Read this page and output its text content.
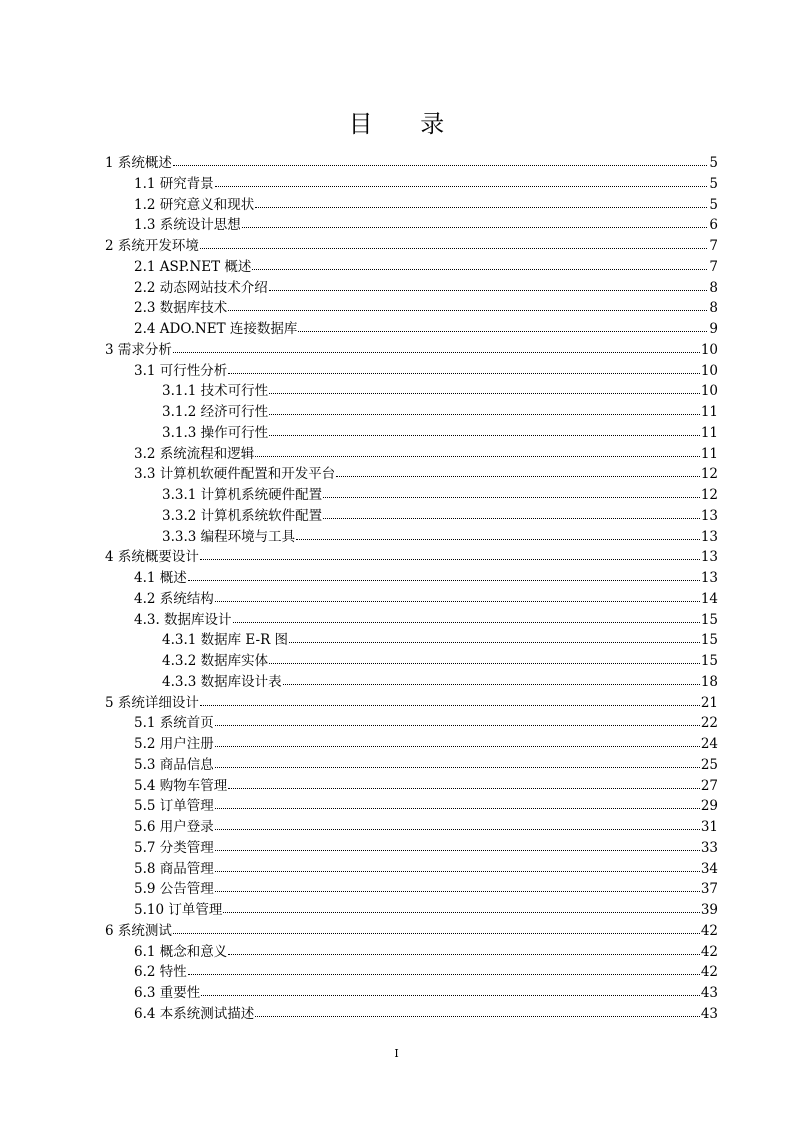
目 录
1 系统概述	5
1.1 研究背景	5
1.2 研究意义和现状	5
1.3 系统设计思想	6
2 系统开发环境	7
2.1 ASP.NET 概述	7
2.2 动态网站技术介绍	8
2.3 数据库技术	8
2.4 ADO.NET 连接数据库	9
3 需求分析	10
3.1 可行性分析	10
3.1.1 技术可行性	10
3.1.2 经济可行性	11
3.1.3 操作可行性	11
3.2 系统流程和逻辑	11
3.3 计算机软硬件配置和开发平台	12
3.3.1 计算机系统硬件配置	12
3.3.2 计算机系统软件配置	13
3.3.3 编程环境与工具	13
4 系统概要设计	13
4.1 概述	13
4.2 系统结构	14
4.3. 数据库设计	15
4.3.1 数据库 E-R 图	15
4.3.2 数据库实体	15
4.3.3 数据库设计表	18
5 系统详细设计	21
5.1 系统首页	22
5.2 用户注册	24
5.3 商品信息	25
5.4 购物车管理	27
5.5 订单管理	29
5.6 用户登录	31
5.7 分类管理	33
5.8 商品管理	34
5.9 公告管理	37
5.10 订单管理	39
6 系统测试	42
6.1 概念和意义	42
6.2 特性	42
6.3 重要性	43
6.4 本系统测试描述	43
I
